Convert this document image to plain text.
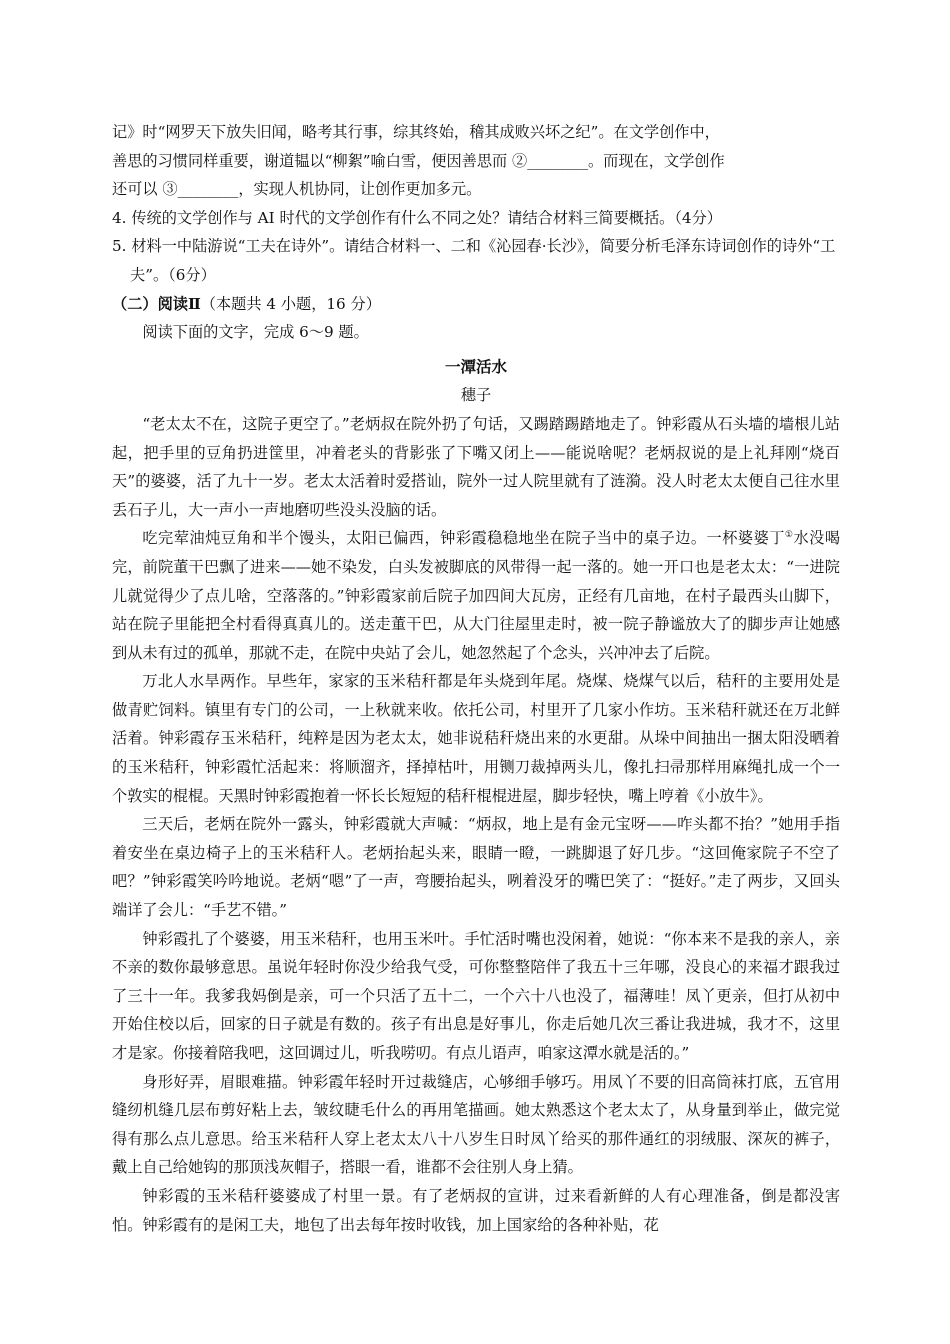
记》时“网罗天下放失旧闻，略考其行事，综其终始，稽其成败兴坏之纪”。在文学创作中，

善思的习惯同样重要，谢道韫以“柳絮”喻白雪，便因善思而 ②________。而现在，文学创作

还可以 ③________，实现人机协同，让创作更加多元。

4. 传统的文学创作与 AI 时代的文学创作有什么不同之处？请结合材料三简要概括。（4分）

5. 材料一中陆游说“工夫在诗外”。请结合材料一、二和《沁园春·长沙》，简要分析毛泽东诗词创作的诗外“工夫”。（6分）

（二）阅读Ⅱ（本题共 4 小题，16 分）

阅读下面的文字，完成 6～9 题。

一潭活水

穗子

“老太太不在，这院子更空了。”老炳叔在院外扔了句话，又踢踏踢踏地走了。钟彩霞从石头墙的墙根儿站起，把手里的豆角扔进筐里，冲着老头的背影张了下嘴又闭上——能说啥呢？老炳叔说的是上礼拜刚“烧百天”的婆婆，活了九十一岁。老太太活着时爱搭讪，院外一过人院里就有了涟漪。没人时老太太便自己往水里丢石子儿，大一声小一声地磨叨些没头没脑的话。

吃完荤油炖豆角和半个馒头，太阳已偏西，钟彩霞稳稳地坐在院子当中的桌子边。一杯婆婆丁①水没喝完，前院董干巴飘了进来——她不染发，白头发被脚底的风带得一起一落的。她一开口也是老太太：“一进院儿就觉得少了点儿啥，空落落的。”钟彩霞家前后院子加四间大瓦房，正经有几亩地，在村子最西头山脚下，站在院子里能把全村看得真真儿的。送走董干巴，从大门往屋里走时，被一院子静谧放大了的脚步声让她感到从未有过的孤单，那就不走，在院中央站了会儿，她忽然起了个念头，兴冲冲去了后院。

万北人水旱两作。早些年，家家的玉米秸秆都是年头烧到年尾。烧煤、烧煤气以后，秸秆的主要用处是做青贮饲料。镇里有专门的公司，一上秋就来收。依托公司，村里开了几家小作坊。玉米秸秆就还在万北鲜活着。钟彩霞存玉米秸秆，纯粹是因为老太太，她非说秸秆烧出来的水更甜。从垛中间抽出一捆太阳没晒着的玉米秸秆，钟彩霞忙活起来：将顺溜齐，择掉枯叶，用铡刀裁掉两头儿，像扎扫帚那样用麻绳扎成一个一个敦实的棍棍。天黑时钟彩霞抱着一怀长长短短的秸秆棍棍进屋，脚步轻快，嘴上哼着《小放牛》。

三天后，老炳在院外一露头，钟彩霞就大声喊：“炳叔，地上是有金元宝呀——咋头都不抬？”她用手指着安坐在桌边椅子上的玉米秸秆人。老炳抬起头来，眼睛一瞪，一跳脚退了好几步。“这回俺家院子不空了吧？”钟彩霞笑吟吟地说。老炳“嗯”了一声，弯腰抬起头，咧着没牙的嘴巴笑了：“挺好。”走了两步，又回头端详了会儿：“手艺不错。”

钟彩霞扎了个婆婆，用玉米秸秆，也用玉米叶。手忙活时嘴也没闲着，她说：“你本来不是我的亲人，亲不亲的数你最够意思。虽说年轻时你没少给我气受，可你整整陪伴了我五十三年哪，没良心的来福才跟我过了三十一年。我爹我妈倒是亲，可一个只活了五十二，一个六十八也没了，福薄哇！凤丫更亲，但打从初中开始住校以后，回家的日子就是有数的。孩子有出息是好事儿，你走后她几次三番让我进城，我才不，这里才是家。你接着陪我吧，这回调过儿，听我唠叨。有点儿语声，咱家这潭水就是活的。”

身形好弄，眉眼难描。钟彩霞年轻时开过裁缝店，心够细手够巧。用凤丫不要的旧高筒袜打底，五官用缝纫机缝几层布剪好粘上去，皱纹睫毛什么的再用笔描画。她太熟悉这个老太太了，从身量到举止，做完觉得有那么点儿意思。给玉米秸秆人穿上老太太八十八岁生日时凤丫给买的那件通红的羽绒服、深灰的裤子，戴上自己给她钩的那顶浅灰帽子，搭眼一看，谁都不会往别人身上猜。

钟彩霞的玉米秸秆婆婆成了村里一景。有了老炳叔的宣讲，过来看新鲜的人有心理准备，倒是都没害怕。钟彩霞有的是闲工夫，地包了出去每年按时收钱，加上国家给的各种补贴，花
